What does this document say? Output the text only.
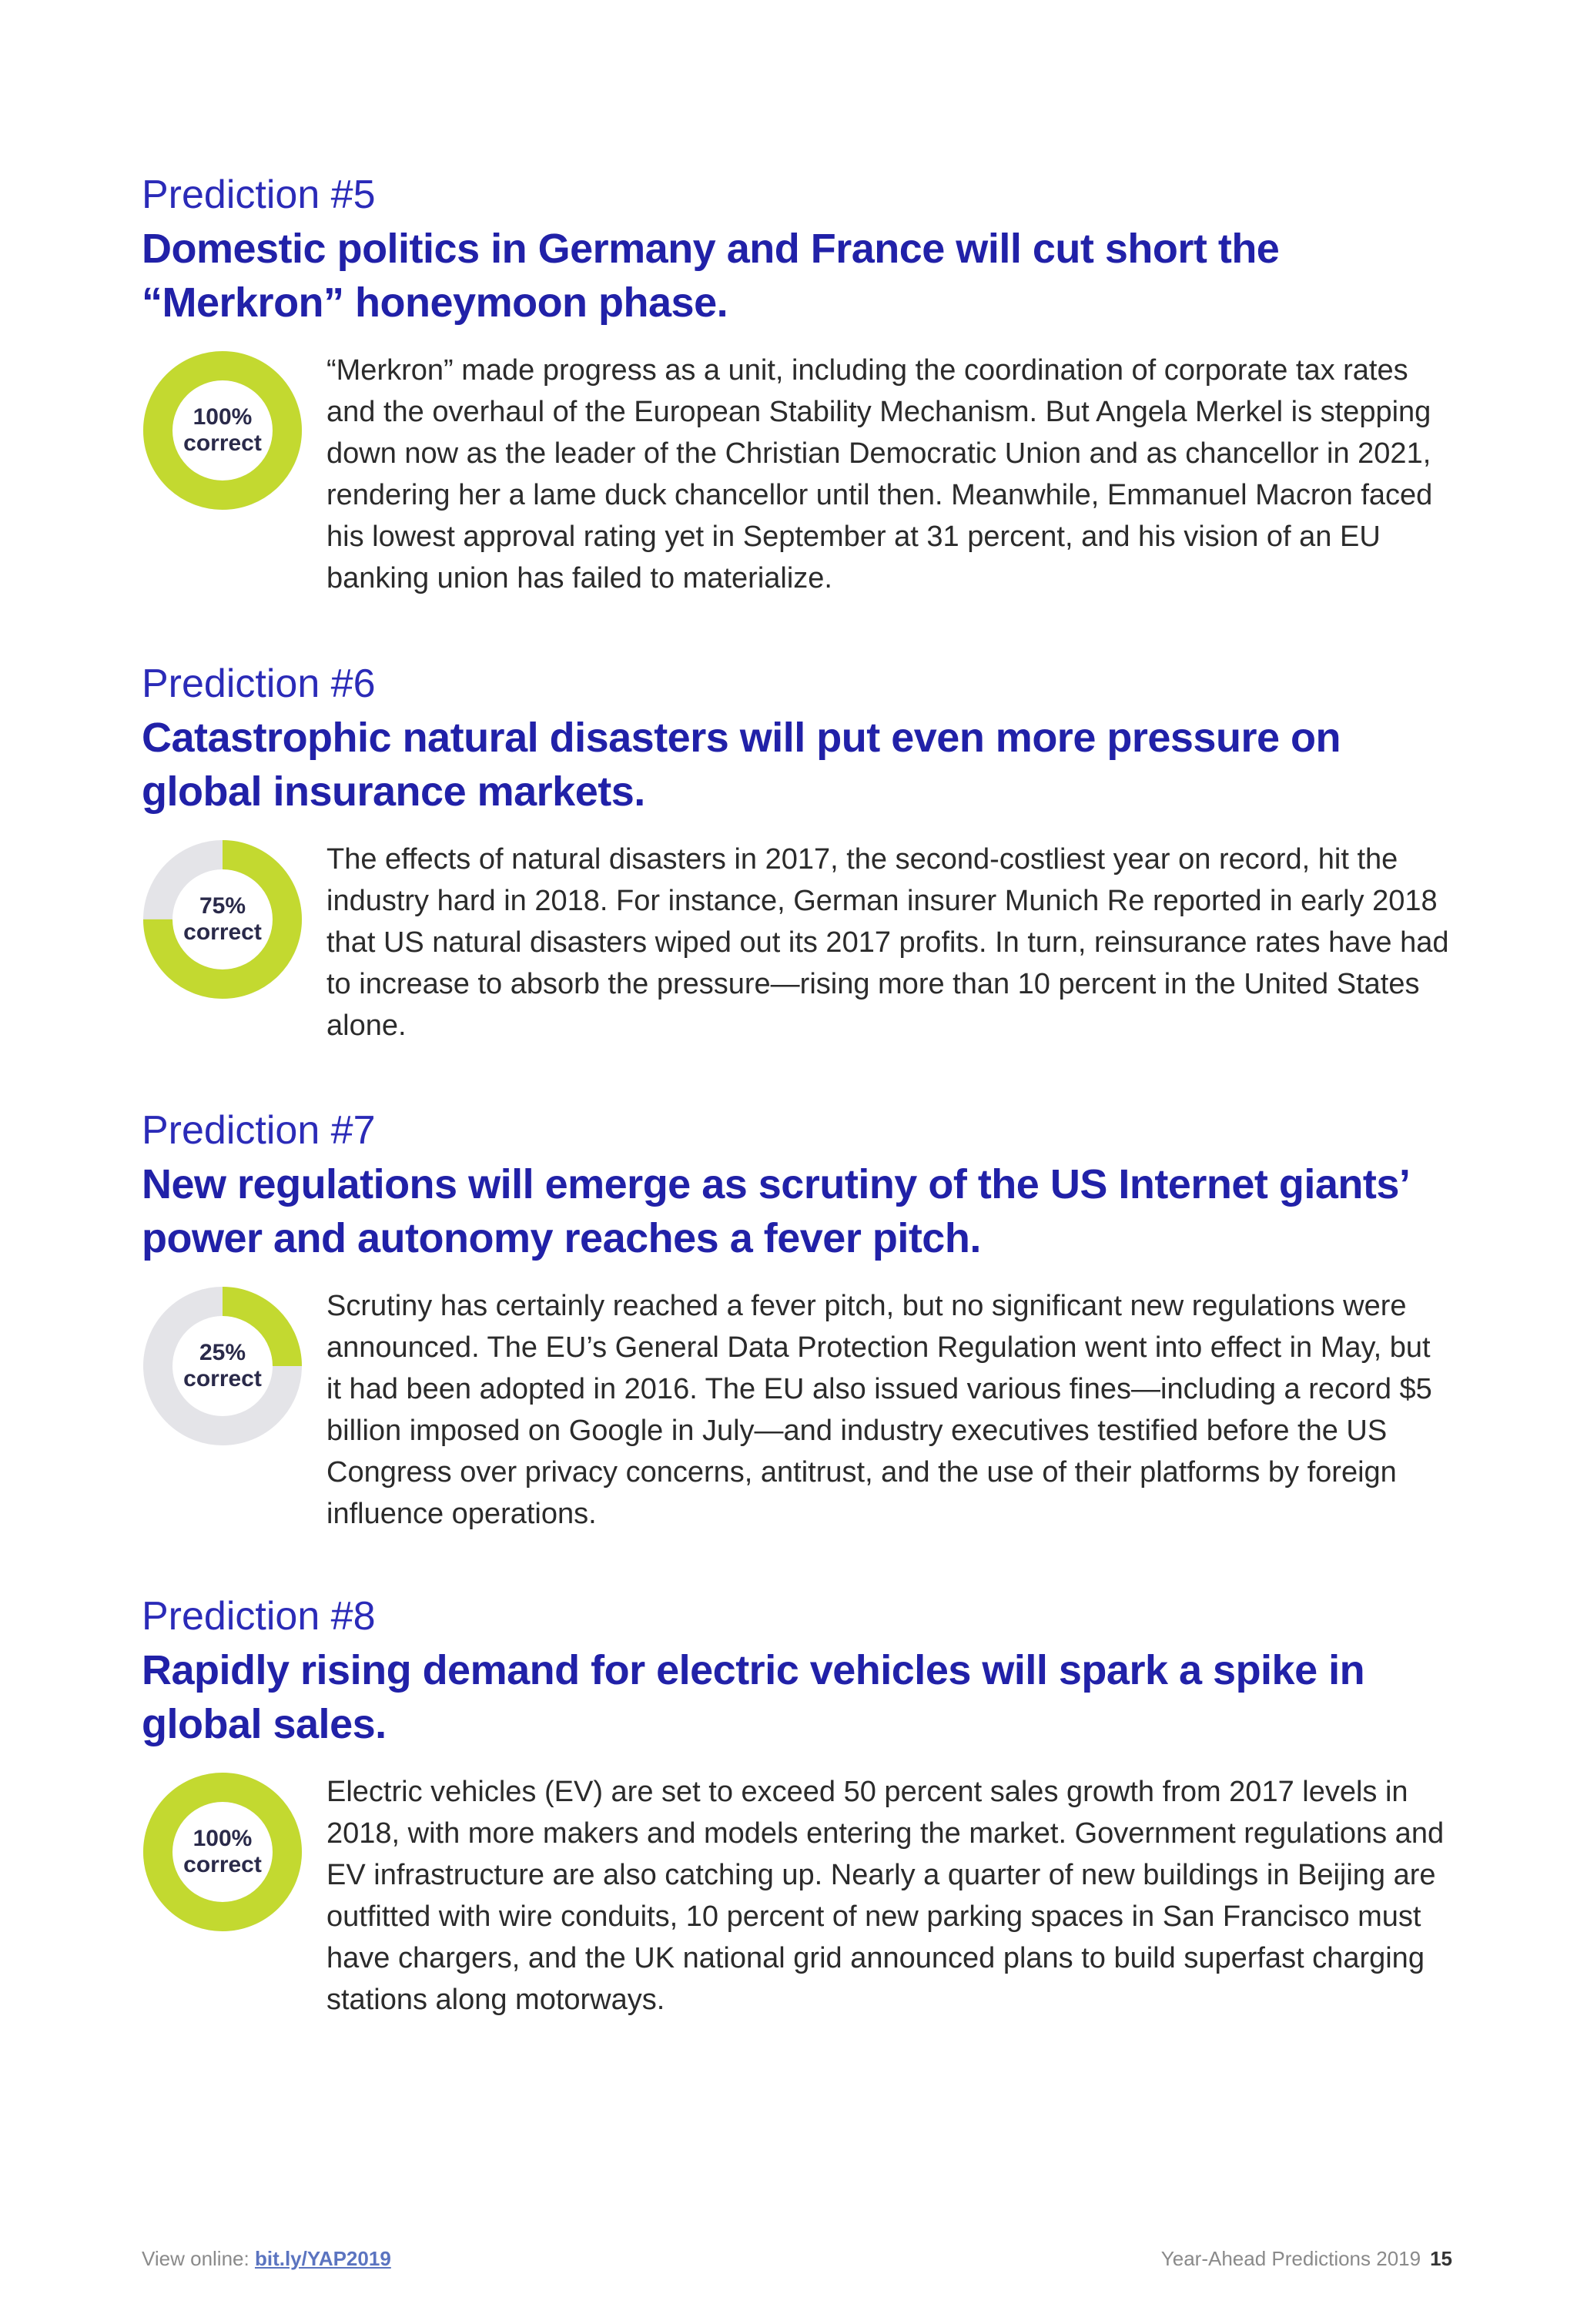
Prediction #5

Domestic politics in Germany and France will cut short the “Merkron” honeymoon phase.

100%
correct
“Merkron” made progress as a unit, including the coordination of corporate tax rates and the overhaul of the European Stability Mechanism. But Angela Merkel is stepping down now as the leader of the Christian Democratic Union and as chancellor in 2021, rendering her a lame duck chancellor until then. Meanwhile, Emmanuel Macron faced his lowest approval rating yet in September at 31 percent, and his vision of an EU banking union has failed to materialize.

Prediction #6

Catastrophic natural disasters will put even more pressure on global insurance markets.

75%
correct
The effects of natural disasters in 2017, the second-costliest year on record, hit the industry hard in 2018. For instance, German insurer Munich Re reported in early 2018 that US natural disasters wiped out its 2017 profits. In turn, reinsurance rates have had to increase to absorb the pressure—rising more than 10 percent in the United States alone.

Prediction #7

New regulations will emerge as scrutiny of the US Internet giants’ power and autonomy reaches a fever pitch.

25%
correct
Scrutiny has certainly reached a fever pitch, but no significant new regulations were announced. The EU’s General Data Protection Regulation went into effect in May, but it had been adopted in 2016. The EU also issued various fines—including a record $5 billion imposed on Google in July—and industry executives testified before the US Congress over privacy concerns, antitrust, and the use of their platforms by foreign influence operations.

Prediction #8

Rapidly rising demand for electric vehicles will spark a spike in global sales.

100%
correct
Electric vehicles (EV) are set to exceed 50 percent sales growth from 2017 levels in 2018, with more makers and models entering the market. Government regulations and EV infrastructure are also catching up. Nearly a quarter of new buildings in Beijing are outfitted with wire conduits, 10 percent of new parking spaces in San Francisco must have chargers, and the UK national grid announced plans to build superfast charging stations along motorways.
View online: bit.ly/YAP2019	Year-Ahead Predictions 2019 15
